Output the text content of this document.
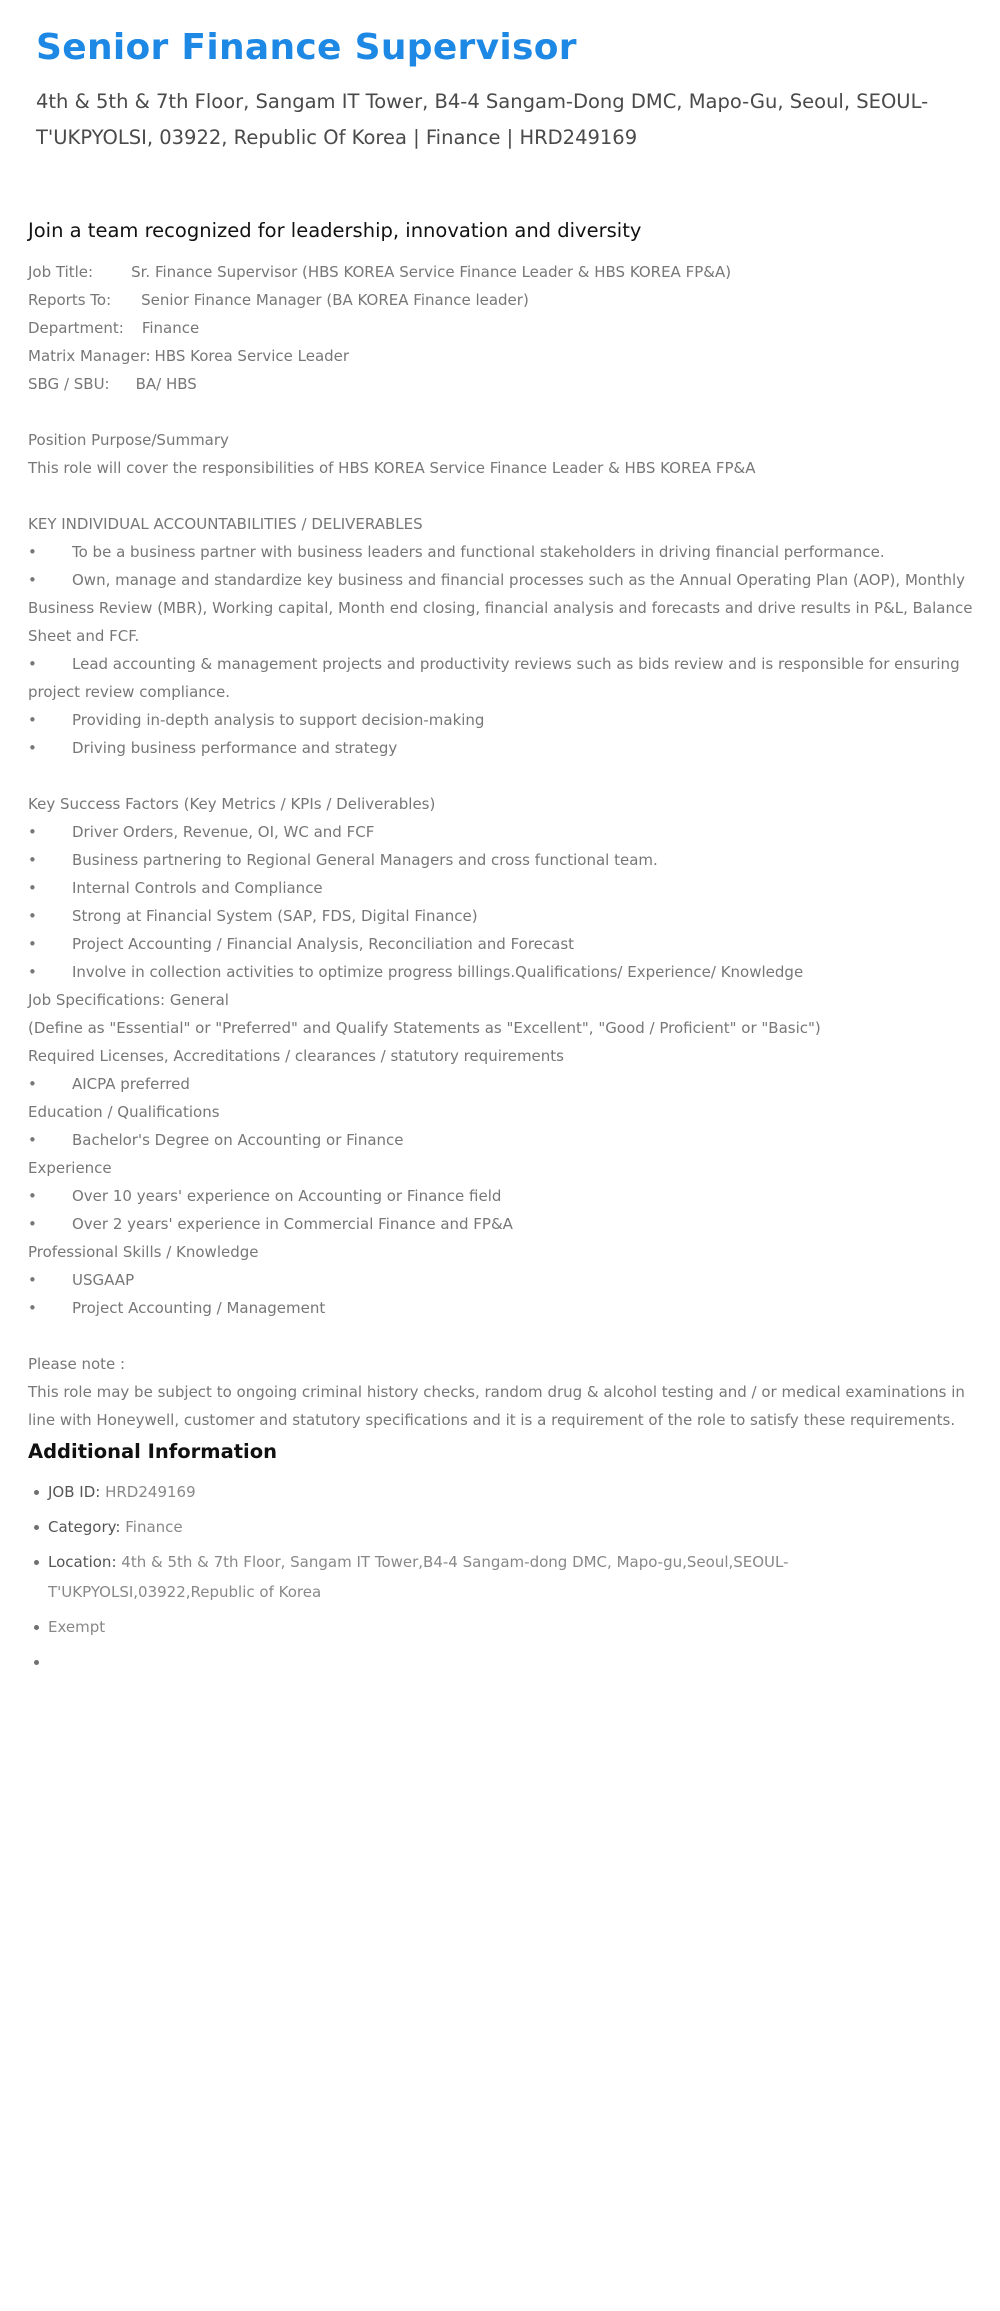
Senior Finance Supervisor
4th & 5th & 7th Floor, Sangam IT Tower, B4-4 Sangam-Dong DMC, Mapo-Gu, Seoul, SEOUL-T'UKPYOLSI, 03922, Republic Of Korea | Finance | HRD249169
Join a team recognized for leadership, innovation and diversity
Job Title:	Sr. Finance Supervisor (HBS KOREA Service Finance Leader & HBS KOREA FP&A)
Reports To: Senior Finance Manager (BA KOREA Finance leader)
Department: Finance
Matrix Manager: HBS Korea Service Leader
SBG / SBU: BA/ HBS
Position Purpose/Summary
This role will cover the responsibilities of HBS KOREA Service Finance Leader & HBS KOREA FP&A
KEY INDIVIDUAL ACCOUNTABILITIES / DELIVERABLES
• To be a business partner with business leaders and functional stakeholders in driving financial performance.
• Own, manage and standardize key business and financial processes such as the Annual Operating Plan (AOP), Monthly Business Review (MBR), Working capital, Month end closing, financial analysis and forecasts and drive results in P&L, Balance Sheet and FCF.
• Lead accounting & management projects and productivity reviews such as bids review and is responsible for ensuring project review compliance.
• Providing in-depth analysis to support decision-making
• Driving business performance and strategy
Key Success Factors (Key Metrics / KPIs / Deliverables)
• Driver Orders, Revenue, OI, WC and FCF
• Business partnering to Regional General Managers and cross functional team.
• Internal Controls and Compliance
• Strong at Financial System (SAP, FDS, Digital Finance)
• Project Accounting / Financial Analysis, Reconciliation and Forecast
• Involve in collection activities to optimize progress billings.Qualifications/ Experience/ Knowledge
Job Specifications: General
(Define as "Essential" or "Preferred" and Qualify Statements as "Excellent", "Good / Proficient" or "Basic")
Required Licenses, Accreditations / clearances / statutory requirements
• AICPA preferred
Education / Qualifications
• Bachelor's Degree on Accounting or Finance
Experience
• Over 10 years' experience on Accounting or Finance field
• Over 2 years' experience in Commercial Finance and FP&A
Professional Skills / Knowledge
• USGAAP
• Project Accounting / Management
Please note :
This role may be subject to ongoing criminal history checks, random drug & alcohol testing and / or medical examinations in line with Honeywell, customer and statutory specifications and it is a requirement of the role to satisfy these requirements.
Additional Information
JOB ID: HRD249169
Category: Finance
Location: 4th & 5th & 7th Floor, Sangam IT Tower,B4-4 Sangam-dong DMC, Mapo-gu,Seoul,SEOUL-T'UKPYOLSI,03922,Republic of Korea
Exempt
